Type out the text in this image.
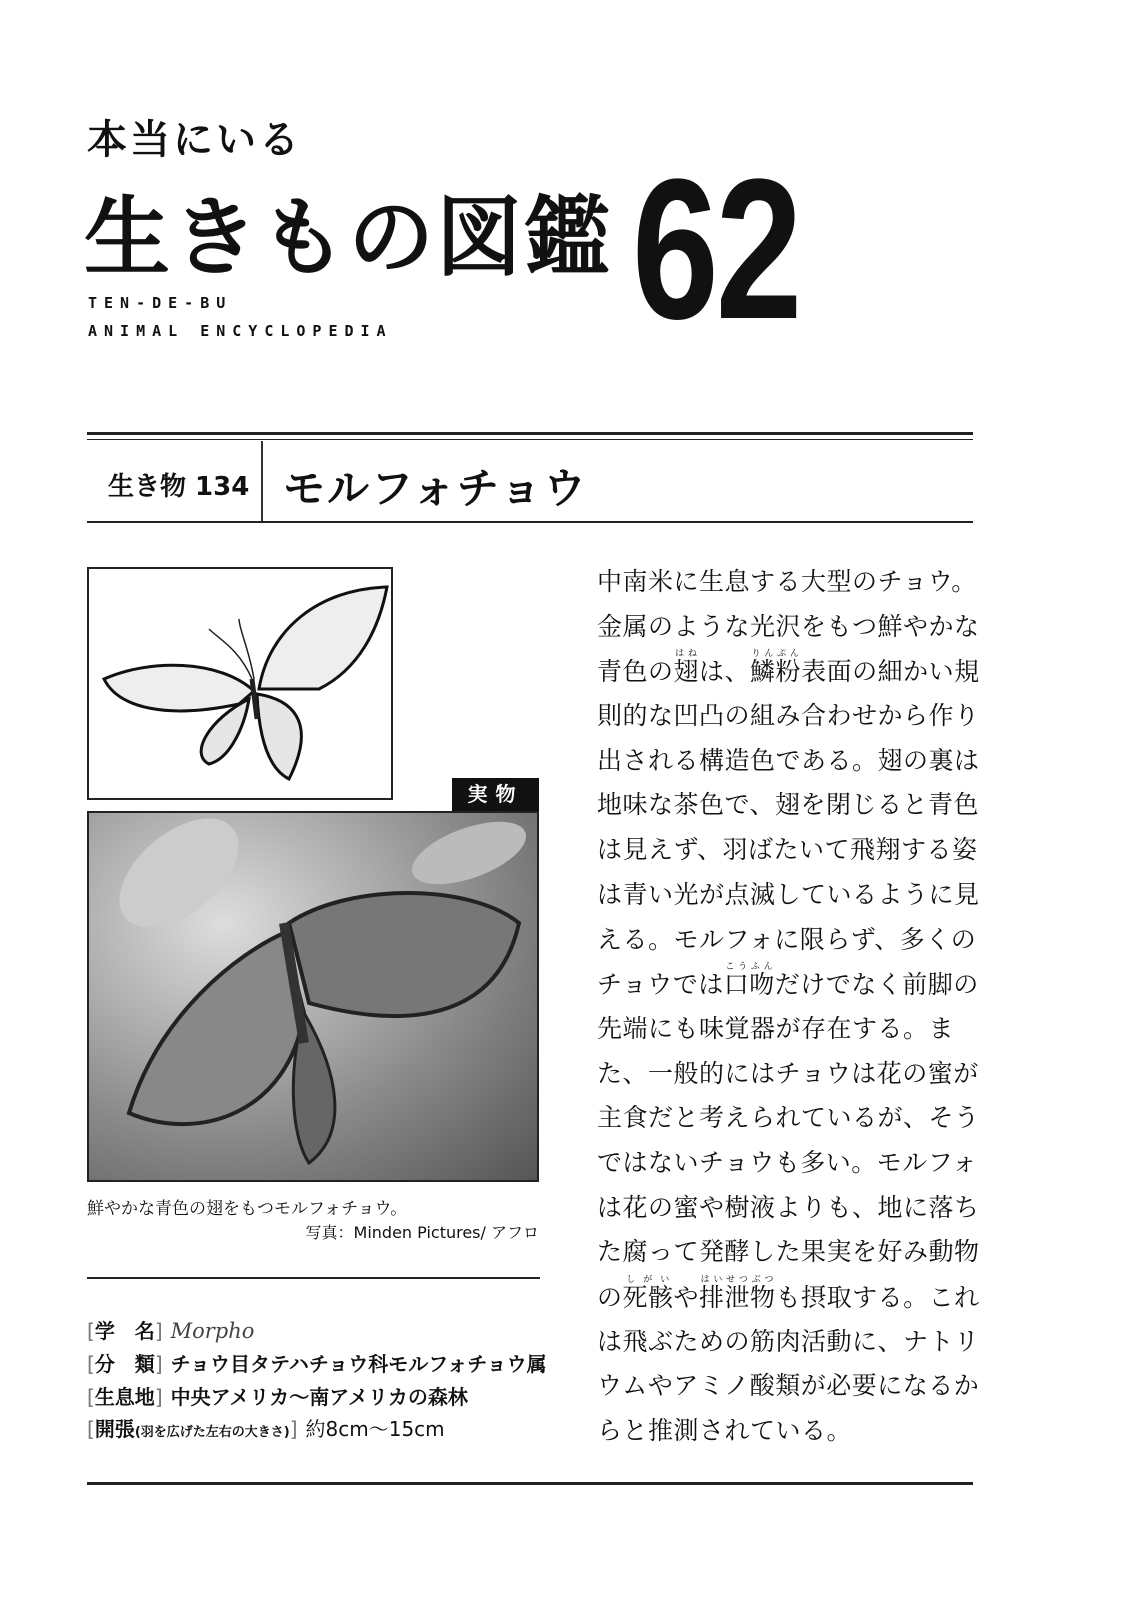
本当にいる
生きもの図鑑 62
TEN-DE-BU
ANIMAL ENCYCLOPEDIA
生き物 134 モルフォチョウ
実物
鮮やかな青色の翅をもつモルフォチョウ。
写真：Minden Pictures/ アフロ
[学　名] Morpho
[分　類] チョウ目タテハチョウ科モルフォチョウ属
[生息地] 中央アメリカ〜南アメリカの森林
[開張(羽を広げた左右の大きさ)] 約8cm〜15cm
中南米に生息する大型のチョウ。
金属のような光沢をもつ鮮やかな
青色の翅はねは、鱗粉りんぷん表面の細かい規
則的な凹凸の組み合わせから作り
出される構造色である。翅の裏は
地味な茶色で、翅を閉じると青色
は見えず、羽ばたいて飛翔する姿
は青い光が点滅しているように見
える。モルフォに限らず、多くの
チョウでは口吻こうふんだけでなく前脚の
先端にも味覚器が存在する。ま
た、一般的にはチョウは花の蜜が
主食だと考えられているが、そう
ではないチョウも多い。モルフォ
は花の蜜や樹液よりも、地に落ち
た腐って発酵した果実を好み動物
の死骸しがいや排泄物はいせつぶつも摂取する。これ
は飛ぶための筋肉活動に、ナトリ
ウムやアミノ酸類が必要になるか
らと推測されている。
